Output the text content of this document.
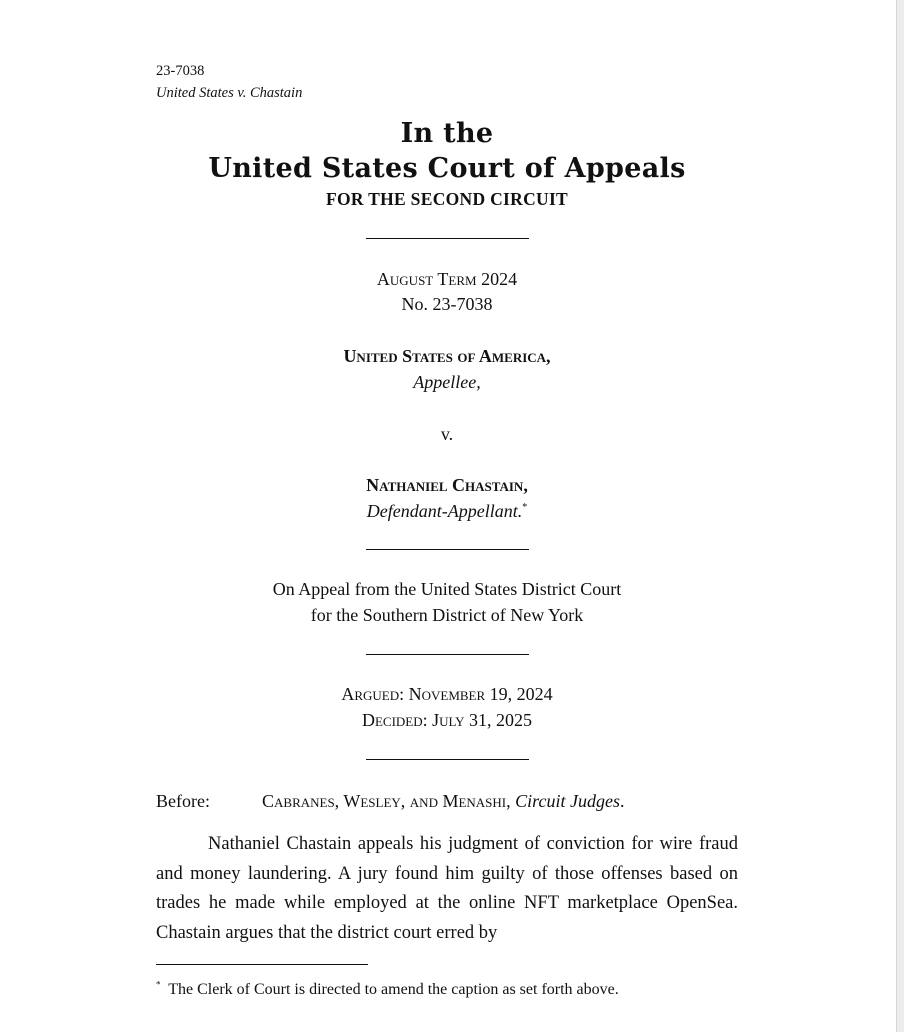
23-7038
United States v. Chastain
In the
United States Court of Appeals
FOR THE SECOND CIRCUIT
August Term 2024
No. 23-7038
United States of America,
Appellee,
v.
Nathaniel Chastain,
Defendant-Appellant.*
On Appeal from the United States District Court
for the Southern District of New York
Argued: November 19, 2024
Decided: July 31, 2025
Before:	Cabranes, Wesley, and Menashi, Circuit Judges.
Nathaniel Chastain appeals his judgment of conviction for wire fraud and money laundering. A jury found him guilty of those offenses based on trades he made while employed at the online NFT marketplace OpenSea. Chastain argues that the district court erred by
* The Clerk of Court is directed to amend the caption as set forth above.
